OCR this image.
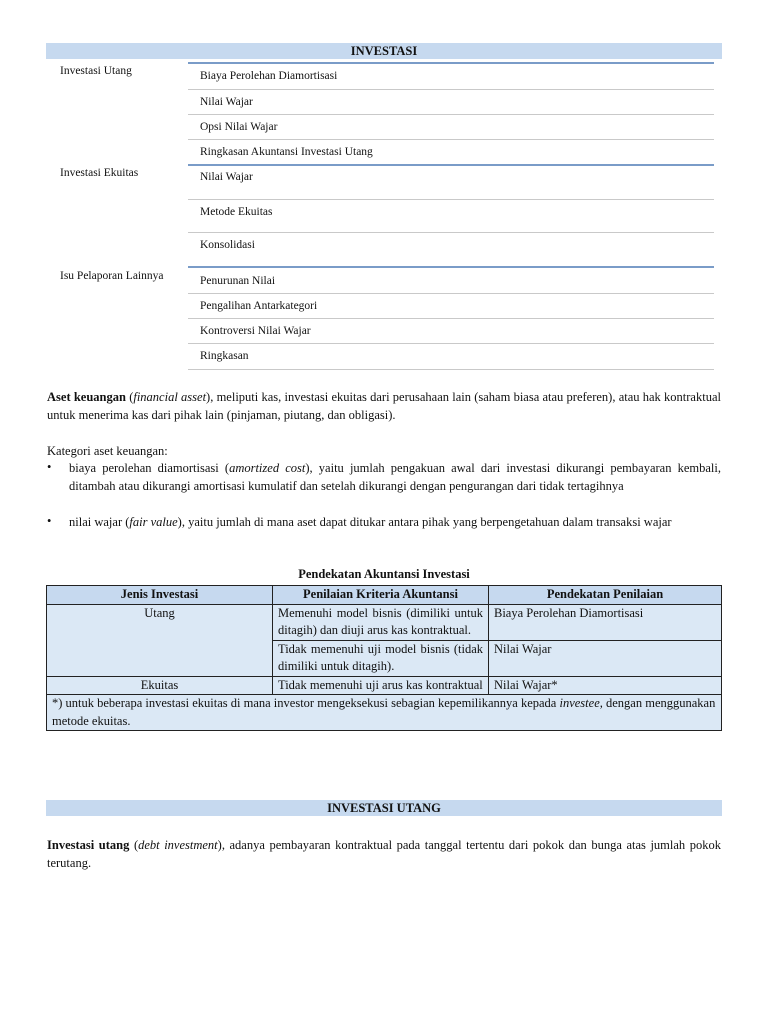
INVESTASI
Investasi Utang	Biaya Perolehan Diamortisasi
Nilai Wajar
Opsi Nilai Wajar
Ringkasan Akuntansi Investasi Utang
Investasi Ekuitas	Nilai Wajar
Metode Ekuitas
Konsolidasi
Isu Pelaporan Lainnya	Penurunan Nilai
Pengalihan Antarkategori
Kontroversi Nilai Wajar
Ringkasan
Aset keuangan (financial asset), meliputi kas, investasi ekuitas dari perusahaan lain (saham biasa atau preferen), atau hak kontraktual untuk menerima kas dari pihak lain (pinjaman, piutang, dan obligasi).
Kategori aset keuangan:
• biaya perolehan diamortisasi (amortized cost), yaitu jumlah pengakuan awal dari investasi dikurangi pembayaran kembali, ditambah atau dikurangi amortisasi kumulatif dan setelah dikurangi dengan pengurangan dari tidak tertagihnya
• nilai wajar (fair value), yaitu jumlah di mana aset dapat ditukar antara pihak yang berpengetahuan dalam transaksi wajar
Pendekatan Akuntansi Investasi
Jenis Investasi	Penilaian Kriteria Akuntansi	Pendekatan Penilaian
Utang	Memenuhi model bisnis (dimiliki untuk ditagih) dan diuji arus kas kontraktual.	Biaya Perolehan Diamortisasi
	Tidak memenuhi uji model bisnis (tidak dimiliki untuk ditagih).	Nilai Wajar
Ekuitas	Tidak memenuhi uji arus kas kontraktual	Nilai Wajar*
*) untuk beberapa investasi ekuitas di mana investor mengeksekusi sebagian kepemilikannya kepada investee, dengan menggunakan metode ekuitas.		
INVESTASI UTANG
Investasi utang (debt investment), adanya pembayaran kontraktual pada tanggal tertentu dari pokok dan bunga atas jumlah pokok terutang.
